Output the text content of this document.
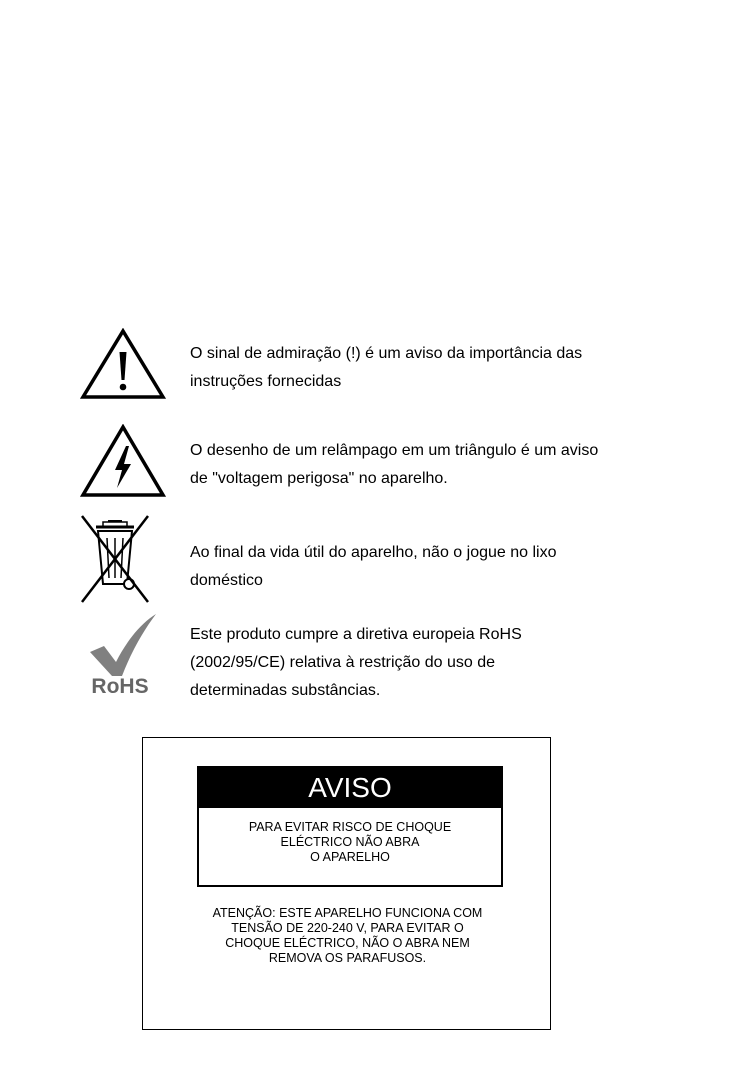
O sinal de admiração (!) é um aviso da importância das
instruções fornecidas
O desenho de um relâmpago em um triângulo é um aviso
de "voltagem perigosa" no aparelho.
Ao final da vida útil do aparelho, não o jogue no lixo
doméstico
RoHS
Este produto cumpre a diretiva europeia RoHS
(2002/95/CE) relativa à restrição do uso de
determinadas substâncias.
AVISO
PARA EVITAR RISCO DE CHOQUE
ELÉCTRICO NÃO ABRA
O APARELHO
ATENÇÃO: ESTE APARELHO FUNCIONA COM
TENSÃO DE 220-240 V, PARA EVITAR O
CHOQUE ELÉCTRICO, NÃO O ABRA NEM
REMOVA OS PARAFUSOS.
